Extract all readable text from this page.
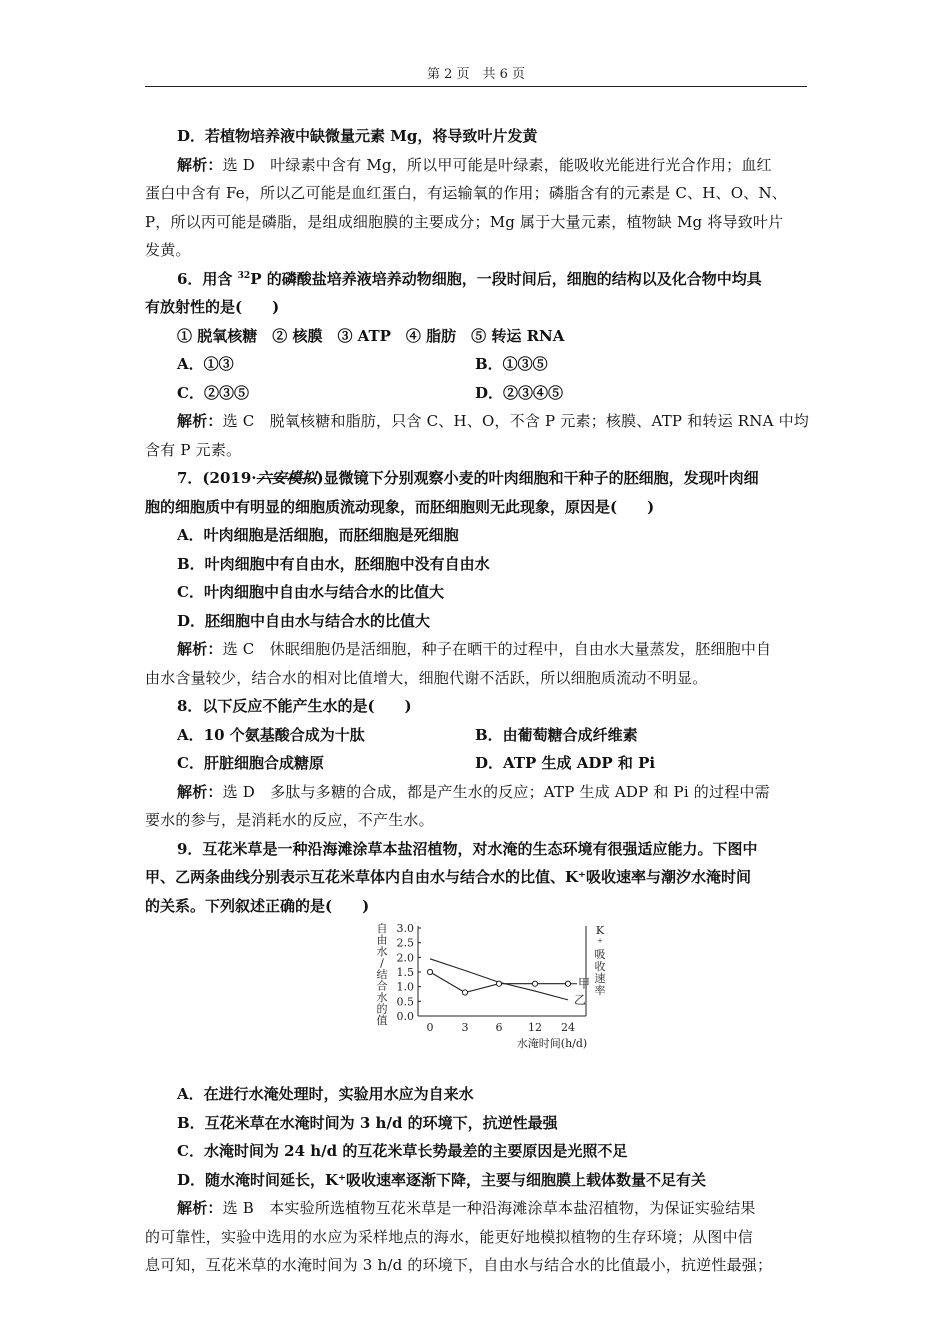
第 2 页　共 6 页
D．若植物培养液中缺微量元素 Mg，将导致叶片发黄
解析：选 D　叶绿素中含有 Mg，所以甲可能是叶绿素，能吸收光能进行光合作用；血红
蛋白中含有 Fe，所以乙可能是血红蛋白，有运输氧的作用；磷脂含有的元素是 C、H、O、N、
P，所以丙可能是磷脂，是组成细胞膜的主要成分；Mg 属于大量元素，植物缺 Mg 将导致叶片
发黄。
6．用含 $^{32}$P 的磷酸盐培养液培养动物细胞，一段时间后，细胞的结构以及化合物中均具
有放射性的是(　　)
① 脱氧核糖　② 核膜　③ ATP　④ 脂肪　⑤ 转运 RNA
A．①③	B．①③⑤
C．②③⑤	D．②③④⑤
解析：选 C　脱氧核糖和脂肪，只含 C、H、O，不含 P 元素；核膜、ATP 和转运 RNA 中均
含有 P 元素。
7．(2019·六安模拟)显微镜下分别观察小麦的叶肉细胞和干种子的胚细胞，发现叶肉细
胞的细胞质中有明显的细胞质流动现象，而胚细胞则无此现象，原因是(　　)
A．叶肉细胞是活细胞，而胚细胞是死细胞
B．叶肉细胞中有自由水，胚细胞中没有自由水
C．叶肉细胞中自由水与结合水的比值大
D．胚细胞中自由水与结合水的比值大
解析：选 C　休眠细胞仍是活细胞，种子在晒干的过程中，自由水大量蒸发，胚细胞中自
由水含量较少，结合水的相对比值增大，细胞代谢不活跃，所以细胞质流动不明显。
8．以下反应不能产生水的是(　　)
A．10 个氨基酸合成为十肽	B．由葡萄糖合成纤维素
C．肝脏细胞合成糖原	D．ATP 生成 ADP 和 Pi
解析：选 D　多肽与多糖的合成，都是产生水的反应；ATP 生成 ADP 和 Pi 的过程中需
要水的参与，是消耗水的反应，不产生水。
9．互花米草是一种沿海滩涂草本盐沼植物，对水淹的生态环境有很强适应能力。下图中
甲、乙两条曲线分别表示互花米草体内自由水与结合水的比值、K⁺吸收速率与潮汐水淹时间
的关系。下列叙述正确的是(　　)
0.0
0.5
1.0
1.5
2.0
2.5
3.0
0	3 6 12 24
水淹时间(h/d)
自
由
水
/
结
合
水
的
值
K
⁺
吸
收
速
率
乙
甲
A．在进行水淹处理时，实验用水应为自来水
B．互花米草在水淹时间为 3 h/d 的环境下，抗逆性最强
C．水淹时间为 24 h/d 的互花米草长势最差的主要原因是光照不足
D．随水淹时间延长，K⁺吸收速率逐渐下降，主要与细胞膜上载体数量不足有关
解析：选 B　本实验所选植物互花米草是一种沿海滩涂草本盐沼植物，为保证实验结果
的可靠性，实验中选用的水应为采样地点的海水，能更好地模拟植物的生存环境；从图中信
息可知，互花米草的水淹时间为 3 h/d 的环境下，自由水与结合水的比值最小，抗逆性最强；
